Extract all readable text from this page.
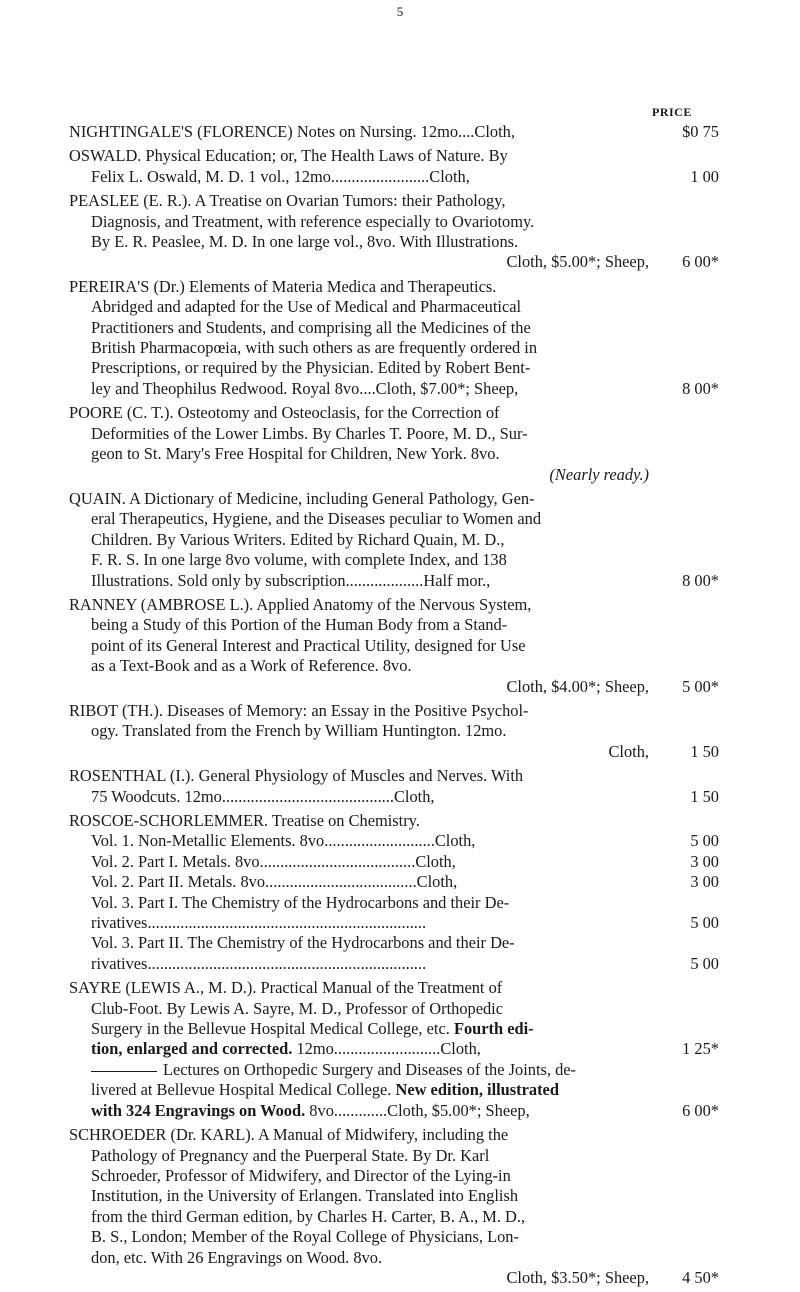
5
PRICE
NIGHTINGALE'S (FLORENCE) Notes on Nursing. 12mo....Cloth,	$0 75
OSWALD. Physical Education; or, The Health Laws of Nature. By
Felix L. Oswald, M. D. 1 vol., 12mo........................Cloth,	1 00
PEASLEE (E. R.). A Treatise on Ovarian Tumors: their Pathology,
Diagnosis, and Treatment, with reference especially to Ovariotomy.
By E. R. Peaslee, M. D. In one large vol., 8vo. With Illustrations.
Cloth, $5.00*; Sheep,	6 00*
PEREIRA'S (Dr.) Elements of Materia Medica and Therapeutics.
Abridged and adapted for the Use of Medical and Pharmaceutical
Practitioners and Students, and comprising all the Medicines of the
British Pharmacopœia, with such others as are frequently ordered in
Prescriptions, or required by the Physician. Edited by Robert Bent-
ley and Theophilus Redwood. Royal 8vo....Cloth, $7.00*; Sheep,	8 00*
POORE (C. T.). Osteotomy and Osteoclasis, for the Correction of
Deformities of the Lower Limbs. By Charles T. Poore, M. D., Sur-
geon to St. Mary's Free Hospital for Children, New York. 8vo.
(Nearly ready.)
QUAIN. A Dictionary of Medicine, including General Pathology, Gen-
eral Therapeutics, Hygiene, and the Diseases peculiar to Women and
Children. By Various Writers. Edited by Richard Quain, M. D.,
F. R. S. In one large 8vo volume, with complete Index, and 138
Illustrations. Sold only by subscription...................Half mor.,	8 00*
RANNEY (AMBROSE L.). Applied Anatomy of the Nervous System,
being a Study of this Portion of the Human Body from a Stand-
point of its General Interest and Practical Utility, designed for Use
as a Text-Book and as a Work of Reference. 8vo.
Cloth, $4.00*; Sheep,	5 00*
RIBOT (TH.). Diseases of Memory: an Essay in the Positive Psychol-
ogy. Translated from the French by William Huntington. 12mo.
Cloth,	1 50
ROSENTHAL (I.). General Physiology of Muscles and Nerves. With
75 Woodcuts. 12mo..........................................Cloth,	1 50
ROSCOE-SCHORLEMMER. Treatise on Chemistry.
Vol. 1. Non-Metallic Elements. 8vo...........................Cloth,	5 00
Vol. 2. Part I. Metals. 8vo......................................Cloth,	3 00
Vol. 2. Part II. Metals. 8vo.....................................Cloth,	3 00
Vol. 3. Part I. The Chemistry of the Hydrocarbons and their De-
rivatives....................................................................	5 00
Vol. 3. Part II. The Chemistry of the Hydrocarbons and their De-
rivatives....................................................................	5 00
SAYRE (LEWIS A., M. D.). Practical Manual of the Treatment of
Club-Foot. By Lewis A. Sayre, M. D., Professor of Orthopedic
Surgery in the Bellevue Hospital Medical College, etc. Fourth edi-
tion, enlarged and corrected. 12mo..........................Cloth,	1 25*
Lectures on Orthopedic Surgery and Diseases of the Joints, de-
livered at Bellevue Hospital Medical College. New edition, illustrated
with 324 Engravings on Wood. 8vo.............Cloth, $5.00*; Sheep,	6 00*
SCHROEDER (Dr. KARL). A Manual of Midwifery, including the
Pathology of Pregnancy and the Puerperal State. By Dr. Karl
Schroeder, Professor of Midwifery, and Director of the Lying-in
Institution, in the University of Erlangen. Translated into English
from the third German edition, by Charles H. Carter, B. A., M. D.,
B. S., London; Member of the Royal College of Physicians, Lon-
don, etc. With 26 Engravings on Wood. 8vo.
Cloth, $3.50*; Sheep,	4 50*
